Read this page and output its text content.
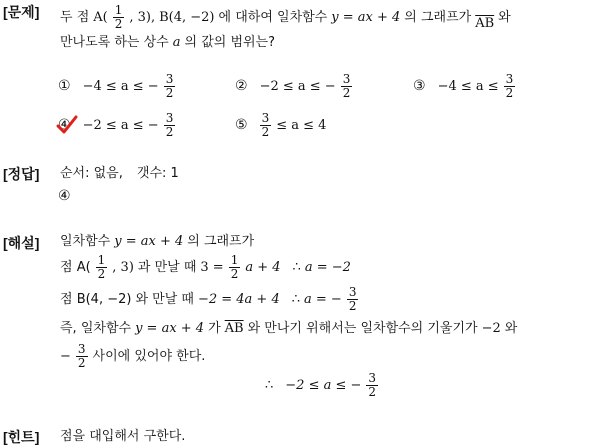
[문제] 두 점 $A( \frac{1}{2}$ , 3), B(4, −2) 에 대하여 일차함수 y = ax + 4 의 그래프가 $\overline{AB}$ 와
만나도록 하는 상수 a 의 값의 범위는?
① −4 ≤ a ≤ − $\frac{3}{2}$	② −2 ≤ a ≤ − $\frac{3}{2}$	③ $-4 \le a \le \frac{3}{2}$
④ −2 ≤ a ≤ − $\frac{3}{2}$	⑤ $\frac{3}{2} \le a \le 4$
[정답] 순서: 없음, 갯수: 1
④
[해설] 일차함수 y = ax + 4 의 그래프가
점 $A( \frac{1}{2}$ , 3) 과 만날 때 $3 = \frac{1}{2}$ a + 4 ∴ a = −2
점 B(4, −2) 와 만날 때 −2 = 4a + 4 ∴ a = − $\frac{3}{2}$
즉, 일차함수 y = ax + 4 가 $\overline{AB}$ 와 만나기 위해서는 일차함수의 기울기가 −2 와
− $\frac{3}{2}$ 사이에 있어야 한다.
∴ −2 ≤ a ≤ − $\frac{3}{2}$
[힌트] 점을 대입해서 구한다.
